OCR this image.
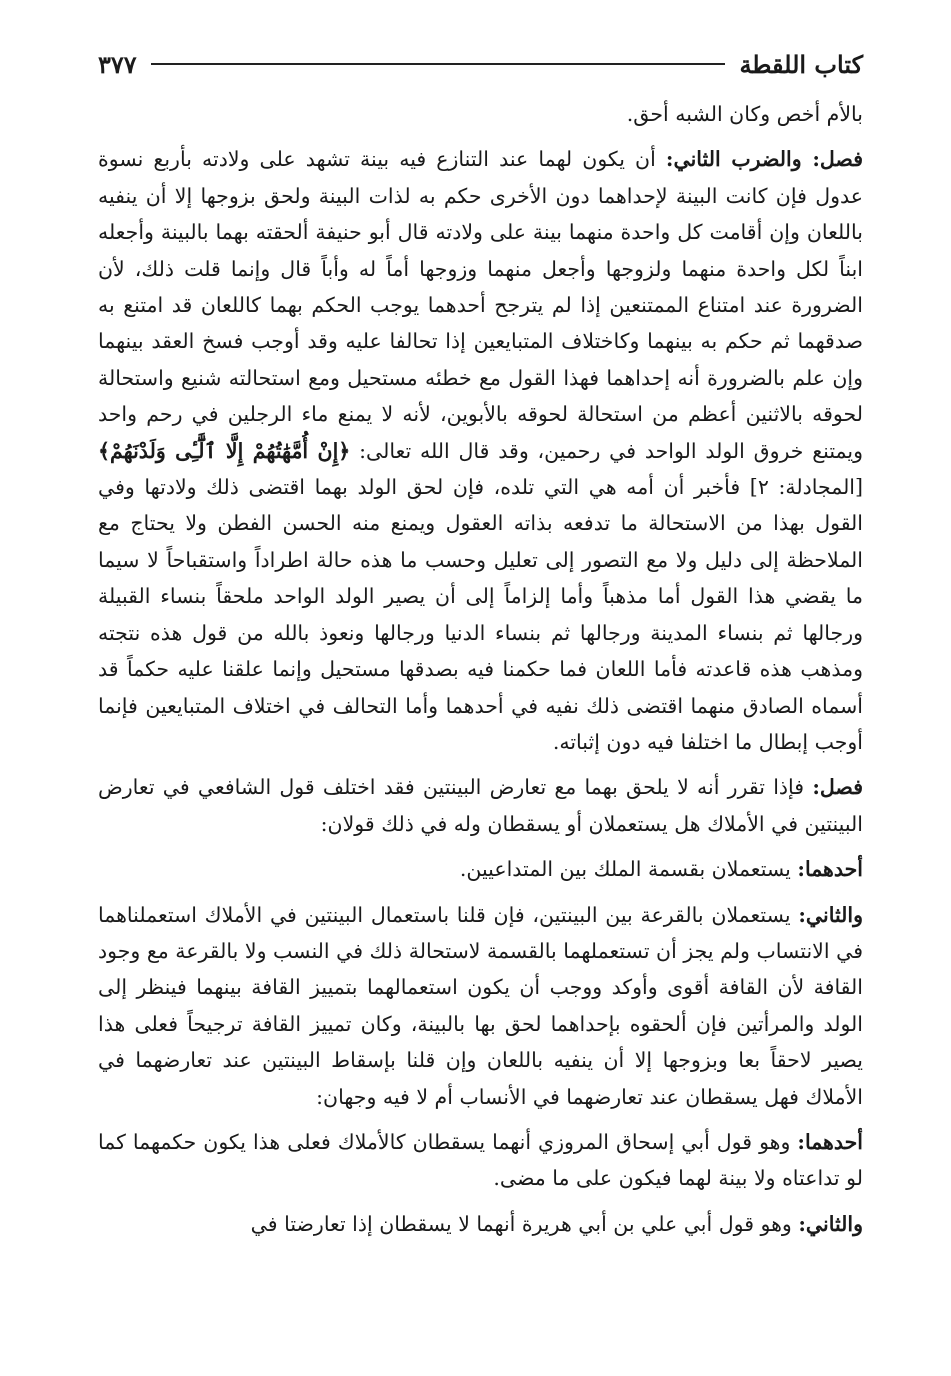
كتاب اللقطة
٣٧٧

بالأم أخص وكان الشبه أحق.

فصل: والضرب الثاني: أن يكون لهما عند التنازع فيه بينة تشهد على ولادته بأربع نسوة عدول فإن كانت البينة لإحداهما دون الأخرى حكم به لذات البينة ولحق بزوجها إلا أن ينفيه باللعان وإن أقامت كل واحدة منهما بينة على ولادته قال أبو حنيفة ألحقته بهما بالبينة وأجعله ابناً لكل واحدة منهما ولزوجها وأجعل منهما وزوجها أماً له وأباً قال وإنما قلت ذلك، لأن الضرورة عند امتناع الممتنعين إذا لم يترجح أحدهما يوجب الحكم بهما كاللعان قد امتنع به صدقهما ثم حكم به بينهما وكاختلاف المتبايعين إذا تحالفا عليه وقد أوجب فسخ العقد بينهما وإن علم بالضرورة أنه إحداهما فهذا القول مع خطئه مستحيل ومع استحالته شنيع واستحالة لحوقه بالاثنين أعظم من استحالة لحوقه بالأبوين، لأنه لا يمنع ماء الرجلين في رحم واحد ويمتنع خروق الولد الواحد في رحمين، وقد قال الله تعالى: ﴿إِنْ أُمَّهَٰتُهُمْ إِلَّا ٱلَّٰٓـِٔى وَلَدْنَهُمْ﴾ [المجادلة: ٢] فأخبر أن أمه هي التي تلده، فإن لحق الولد بهما اقتضى ذلك ولادتها وفي القول بهذا من الاستحالة ما تدفعه بذاته العقول ويمنع منه الحسن الفطن ولا يحتاج مع الملاحظة إلى دليل ولا مع التصور إلى تعليل وحسب ما هذه حالة اطراداً واستقباحاً لا سيما ما يقضي هذا القول أما مذهباً وأما إلزاماً إلى أن يصير الولد الواحد ملحقاً بنساء القبيلة ورجالها ثم بنساء المدينة ورجالها ثم بنساء الدنيا ورجالها ونعوذ بالله من قول هذه نتجته ومذهب هذه قاعدته فأما اللعان فما حكمنا فيه بصدقها مستحيل وإنما علقنا عليه حكماً قد أسماه الصادق منهما اقتضى ذلك نفيه في أحدهما وأما التحالف في اختلاف المتبايعين فإنما أوجب إبطال ما اختلفا فيه دون إثباته.

فصل: فإذا تقرر أنه لا يلحق بهما مع تعارض البينتين فقد اختلف قول الشافعي في تعارض البينتين في الأملاك هل يستعملان أو يسقطان وله في ذلك قولان:

أحدهما: يستعملان بقسمة الملك بين المتداعيين.

والثاني: يستعملان بالقرعة بين البينتين، فإن قلنا باستعمال البينتين في الأملاك استعملناهما في الانتساب ولم يجز أن تستعملهما بالقسمة لاستحالة ذلك في النسب ولا بالقرعة مع وجود القافة لأن القافة أقوى وأوكد ووجب أن يكون استعمالهما بتمييز القافة بينهما فينظر إلى الولد والمرأتين فإن ألحقوه بإحداهما لحق بها بالبينة، وكان تمييز القافة ترجيحاً فعلى هذا يصير لاحقاً بعا وبزوجها إلا أن ينفيه باللعان وإن قلنا بإسقاط البينتين عند تعارضهما في الأملاك فهل يسقطان عند تعارضهما في الأنساب أم لا فيه وجهان:

أحدهما: وهو قول أبي إسحاق المروزي أنهما يسقطان كالأملاك فعلى هذا يكون حكمهما كما لو تداعتاه ولا بينة لهما فيكون على ما مضى.

والثاني: وهو قول أبي علي بن أبي هريرة أنهما لا يسقطان إذا تعارضتا في
